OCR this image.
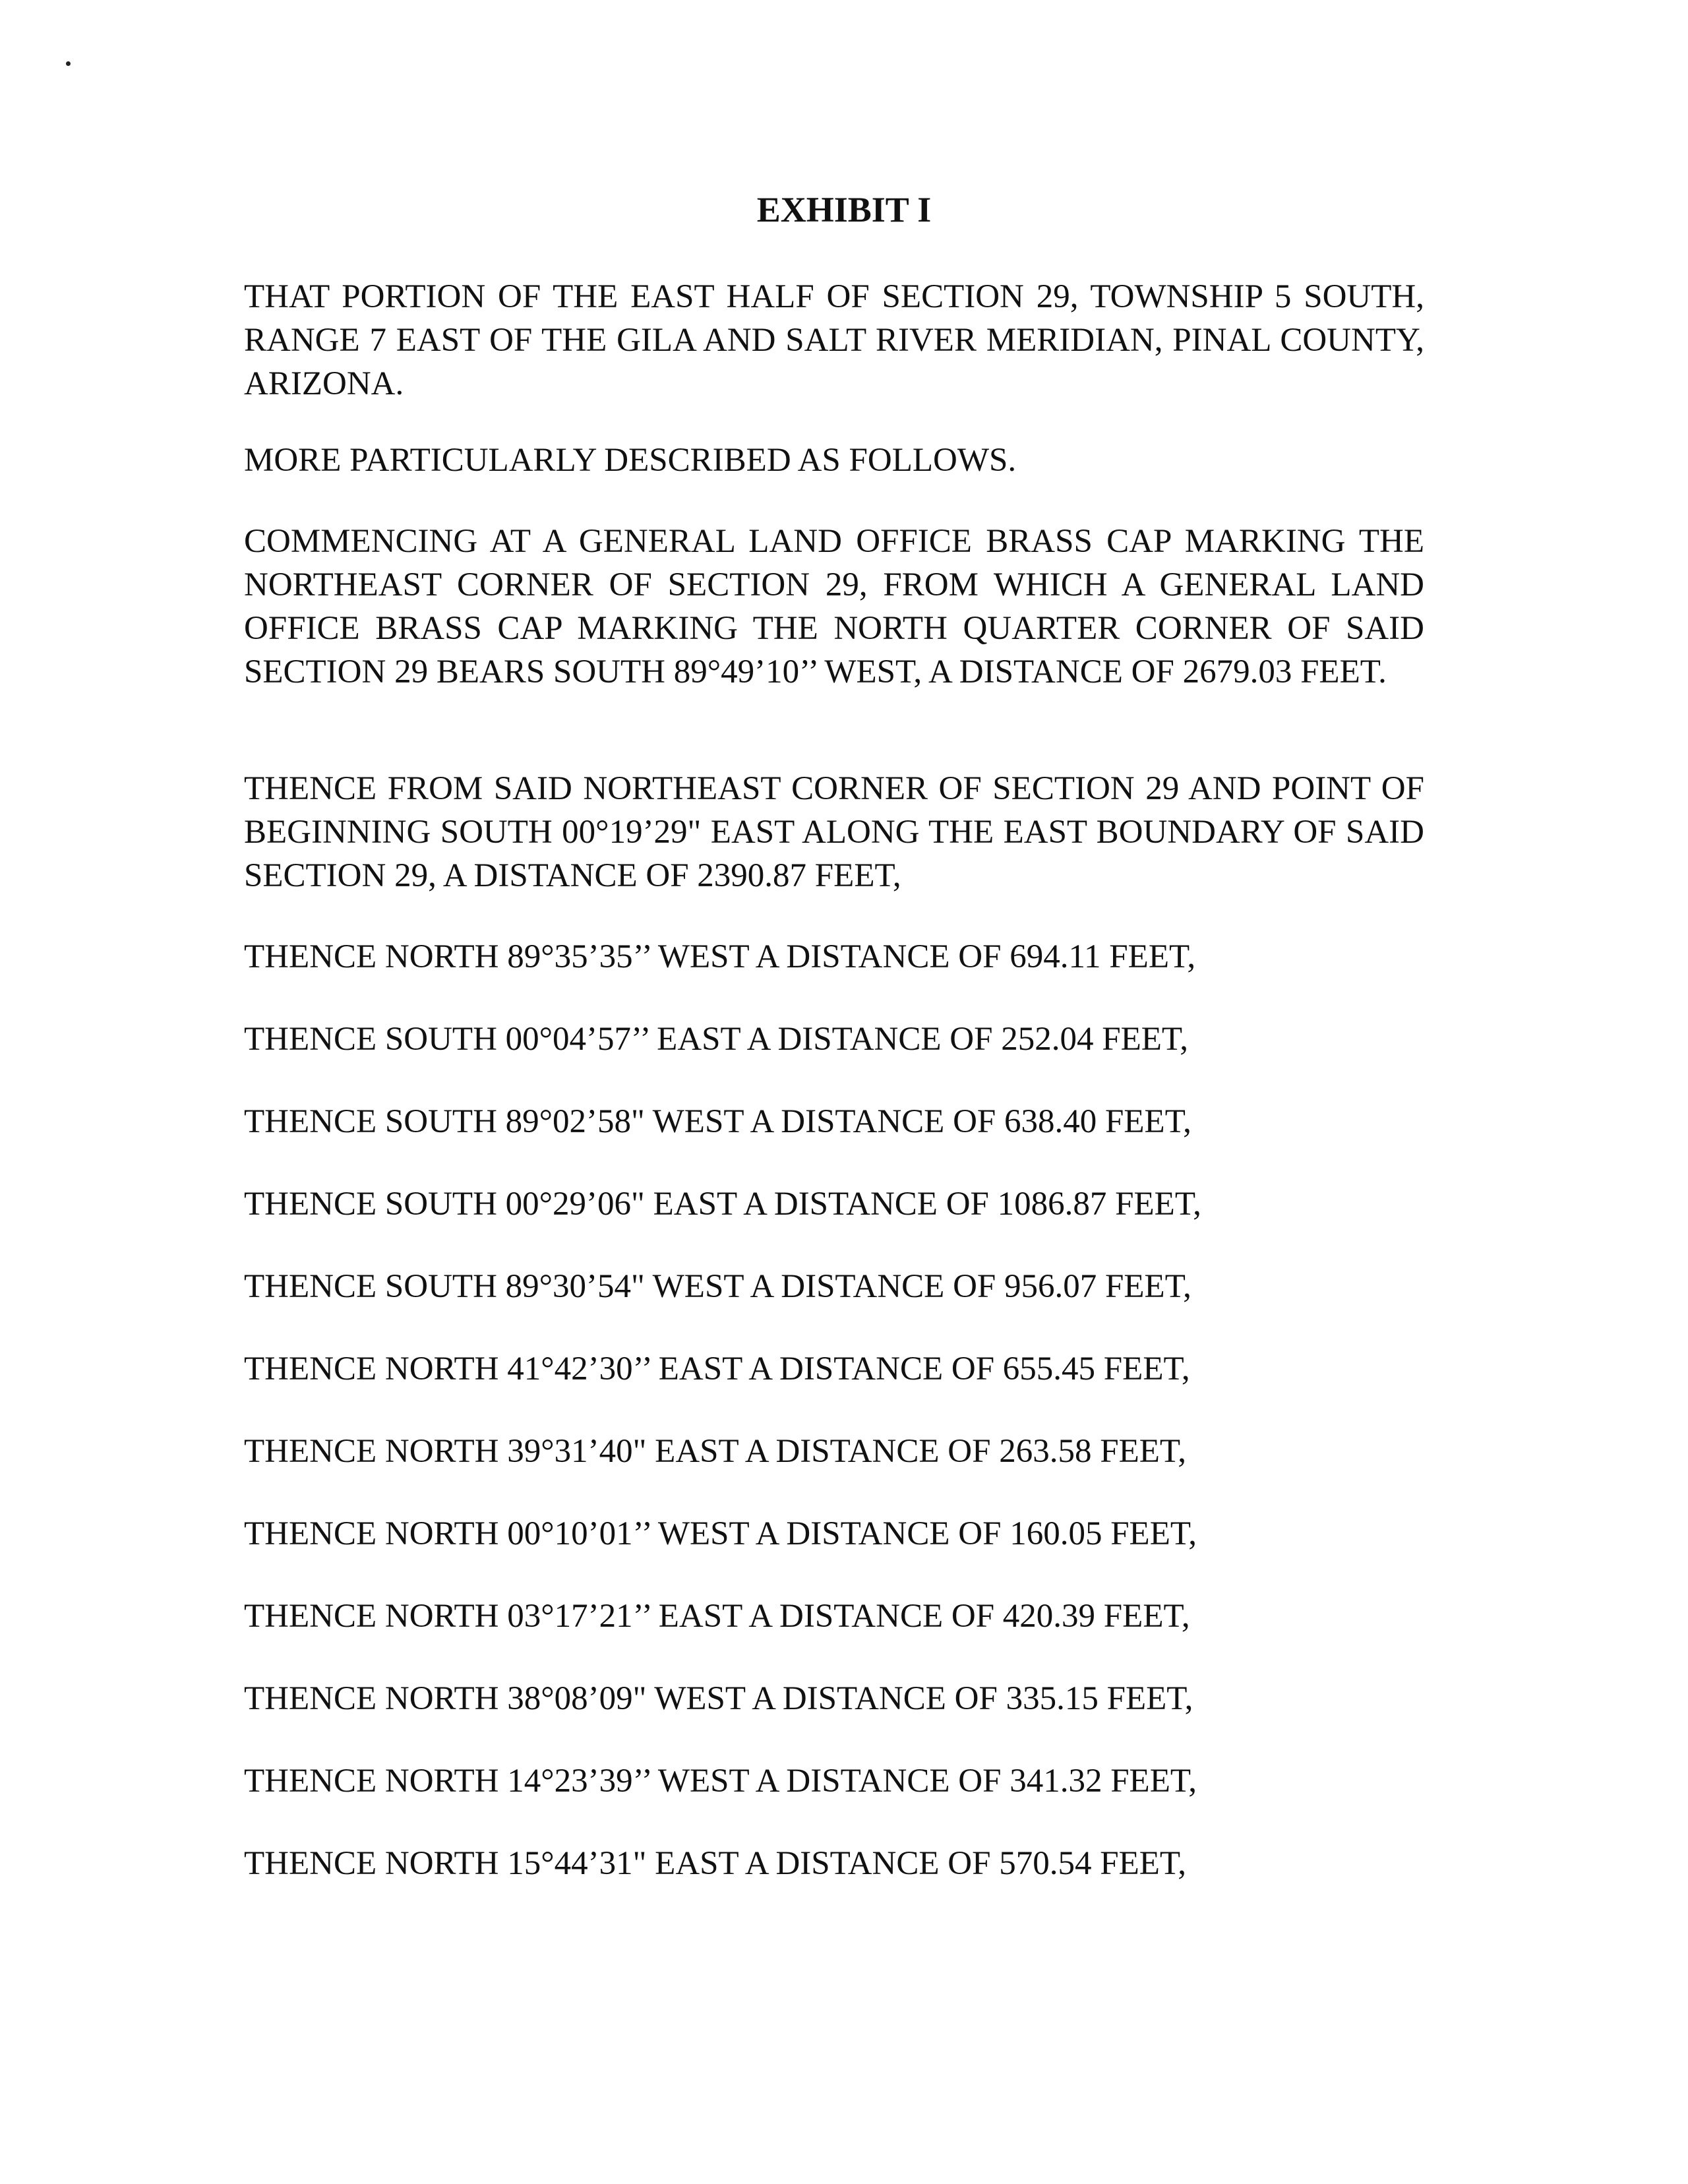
EXHIBIT I

THAT PORTION OF THE EAST HALF OF SECTION 29, TOWNSHIP 5 SOUTH, RANGE 7 EAST OF THE GILA AND SALT RIVER MERIDIAN, PINAL COUNTY, ARIZONA.

MORE PARTICULARLY DESCRIBED AS FOLLOWS.

COMMENCING AT A GENERAL LAND OFFICE BRASS CAP MARKING THE NORTHEAST CORNER OF SECTION 29, FROM WHICH A GENERAL LAND OFFICE BRASS CAP MARKING THE NORTH QUARTER CORNER OF SAID SECTION 29 BEARS SOUTH 89°49’10’’ WEST, A DISTANCE OF 2679.03 FEET.

THENCE FROM SAID NORTHEAST CORNER OF SECTION 29 AND POINT OF BEGINNING SOUTH 00°19’29" EAST ALONG THE EAST BOUNDARY OF SAID SECTION 29, A DISTANCE OF 2390.87 FEET,

THENCE NORTH 89°35’35’’ WEST A DISTANCE OF 694.11 FEET,

THENCE SOUTH 00°04’57’’ EAST A DISTANCE OF 252.04 FEET,

THENCE SOUTH 89°02’58" WEST A DISTANCE OF 638.40 FEET,

THENCE SOUTH 00°29’06" EAST A DISTANCE OF 1086.87 FEET,

THENCE SOUTH 89°30’54" WEST A DISTANCE OF 956.07 FEET,

THENCE NORTH 41°42’30’’ EAST A DISTANCE OF 655.45 FEET,

THENCE NORTH 39°31’40" EAST A DISTANCE OF 263.58 FEET,

THENCE NORTH 00°10’01’’ WEST A DISTANCE OF 160.05 FEET,

THENCE NORTH 03°17’21’’ EAST A DISTANCE OF 420.39 FEET,

THENCE NORTH 38°08’09" WEST A DISTANCE OF 335.15 FEET,

THENCE NORTH 14°23’39’’ WEST A DISTANCE OF 341.32 FEET,

THENCE NORTH 15°44’31" EAST A DISTANCE OF 570.54 FEET,
